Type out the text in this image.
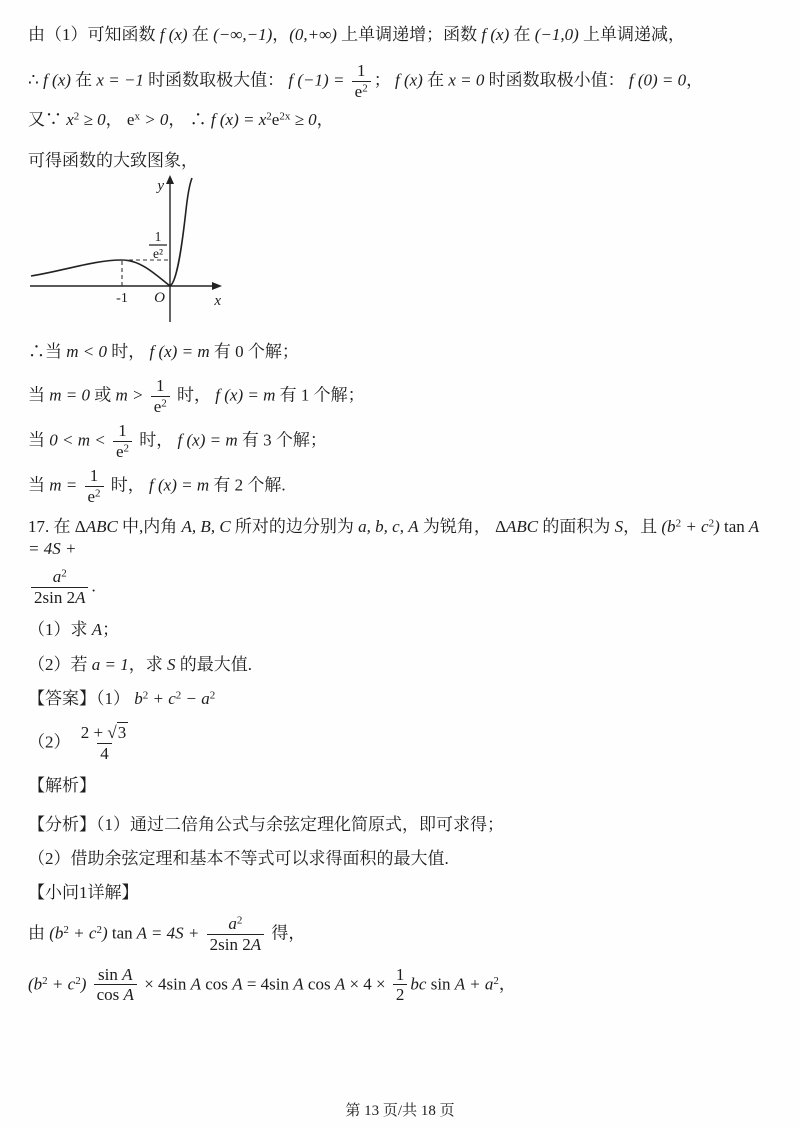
由（1）可知函数 f (x) 在 (−∞,−1)，(0,+∞) 上单调递增；函数 f (x) 在 (−1,0) 上单调递减，
∴ f (x) 在 x = −1 时函数取极大值： f $(-1) = \frac{1}{e^2}$ ； f (x) 在 x = 0 时函数取极小值： f (0) = 0，
又∵ $x^2 \ge 0$， $e^x > 0$， ∴ f $(x) = x^2e^{2x} \ge 0$，
可得函数的大致图象，
y
x
O
-1
1
e²
∴当 m < 0 时， f (x) = m 有 0 个解；
当 m = 0 或 $m > \frac{1}{e^2}$ 时， f (x) = m 有 1 个解；
当 $0 < m < \frac{1}{e^2}$ 时， f (x) = m 有 3 个解；
当 $m = \frac{1}{e^2}$ 时， f (x) = m 有 2 个解.
17. 在 ΔABC 中,内角 A, B, C 所对的边分别为 a, b, c, A 为锐角， ΔABC 的面积为 S，且 $(b^2 + c^2)$ tan A = 4S +
$\frac{a^2}{2\sin 2A}$ .
（1）求 A；
（2）若 a = 1，求 S 的最大值.
【答案】（1） $b^2 + c^2 - a^2$
$(2) \frac{2 + √3}{4}$
【解析】
【分析】（1）通过二倍角公式与余弦定理化简原式，即可求得；
（2）借助余弦定理和基本不等式可以求得面积的最大值.
【小问1详解】
由 $(b^2 + c^2)$ $\tan A = 4S + \frac{a^2}{2\sin 2A}$ 得，
$(b^2 + c^2) \frac{\text{sin A}}{\text{cos A}} \times 4\sin$ A cos A = 4sin A $\cos A \times 4 \times \frac{1}{2}$ bc $\sin A + a^2$，
第 13 页/共 18 页
